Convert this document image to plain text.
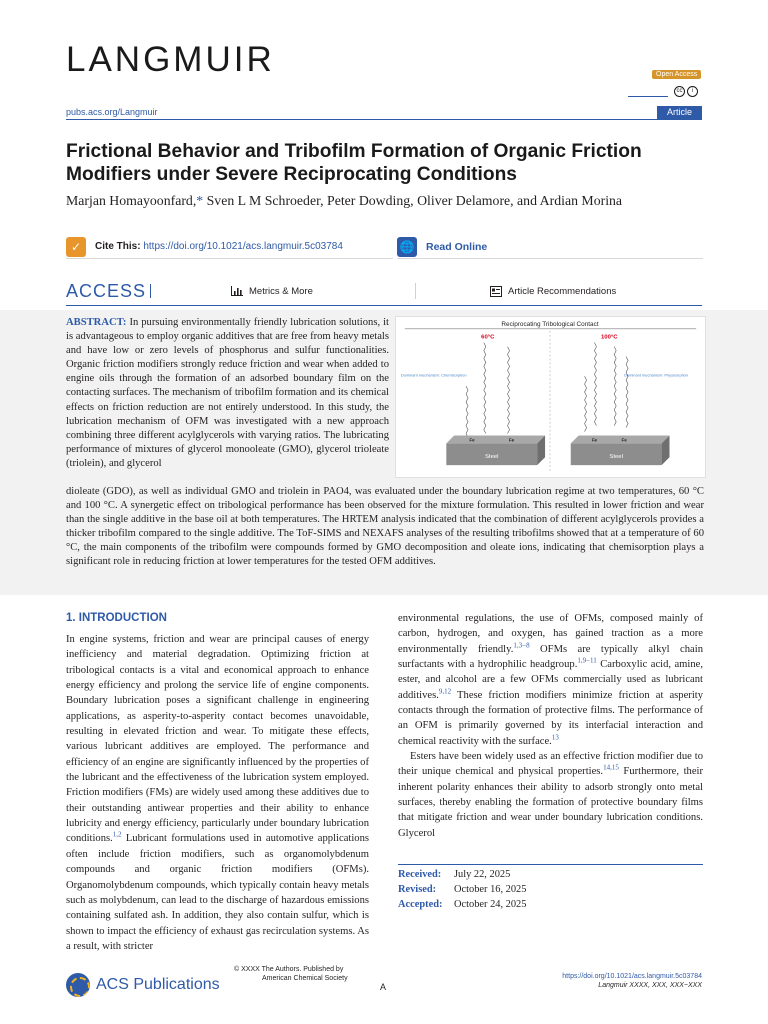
LANGMUIR	Open Access
cc	i
pubs.acs.org/Langmuir	Article
Frictional Behavior and Tribofilm Formation of Organic Friction Modifiers under Severe Reciprocating Conditions
Marjan Homayoonfard,* Sven L M Schroeder, Peter Dowding, Oliver Delamore, and Ardian Morina
✓	Cite This: https://doi.org/10.1021/acs.langmuir.5c03784	🌐 Read Online
ACCESS	Metrics & More	Article Recommendations
ABSTRACT: In pursuing environmentally friendly lubrication solutions, it is advantageous to employ organic additives that are free from heavy metals and have low or zero levels of phosphorus and sulfur functionalities. Organic friction modifiers strongly reduce friction and wear when added to engine oils through the formation of an adsorbed boundary film on the contacting surfaces. The mechanism of tribofilm formation and its chemical effects on friction reduction are not entirely understood. In this study, the lubrication mechanism of OFM was investigated with a new approach combining three different acylglycerols with varying ratios. The lubricating performance of mixtures of glycerol monooleate (GMO), glycerol trioleate (triolein), and glycerol
Reciprocating Tribological Contact
60°C	100°C
Dominant mechanism: Chemisorption	Dominant mechanism: Physisorption
Steel
Fe	Fe
Steel
Fe	Fe
dioleate (GDO), as well as individual GMO and triolein in PAO4, was evaluated under the boundary lubrication regime at two temperatures, 60 °C and 100 °C. A synergetic effect on tribological performance has been observed for the mixture formulation. This resulted in lower friction and wear than the single additive in the base oil at both temperatures. The HRTEM analysis indicated that the combination of different acylglycerols provides a thicker tribofilm compared to the single additive. The ToF-SIMS and NEXAFS analyses of the resulting tribofilms showed that at a temperature of 60 °C, the main components of the tribofilm were compounds formed by GMO decomposition and oleate ions, indicating that chemisorption plays a significant role in reducing friction at lower temperatures for the tested OFM additives.
1. INTRODUCTION

In engine systems, friction and wear are principal causes of energy inefficiency and material degradation. Optimizing friction at tribological contacts is a vital and economical approach to enhance energy efficiency and prolong the service life of engine components. Boundary lubrication poses a significant challenge in engineering applications, as asperity-to-asperity contact becomes unavoidable, resulting in elevated friction and wear. To mitigate these effects, various lubricant additives are employed. The performance and efficiency of an engine are significantly influenced by the properties of the lubricant and the effectiveness of the lubrication system employed. Friction modifiers (FMs) are widely used among these additives due to their outstanding antiwear properties and their ability to enhance lubricity and energy efficiency, particularly under boundary lubrication conditions.$^{1,2}$ Lubricant formulations used in automotive applications often include friction modifiers, such as organomolybdenum compounds and organic friction modifiers (OFMs). Organomolybdenum compounds, which typically contain heavy metals such as molybdenum, can lead to the discharge of hazardous emissions containing sulfated ash. In addition, they also contain sulfur, which is shown to impact the efficiency of exhaust gas recirculation systems. As a result, with stricter

environmental regulations, the use of OFMs, composed mainly of carbon, hydrogen, and oxygen, has gained traction as a more environmentally friendly.$^{1,3-8}$ OFMs are typically alkyl chain surfactants with a hydrophilic headgroup.$^{1,9-11}$ Carboxylic acid, amine, ester, and alcohol are a few OFMs commercially used as lubricant additives.$^{9,12}$ These friction modifiers minimize friction at asperity contacts through the formation of protective films. The performance of an OFM is primarily governed by its interfacial interaction and chemical reactivity with the surface.$^{13}$

Esters have been widely used as an effective friction modifier due to their unique chemical and physical properties.$^{14,15}$ Furthermore, their inherent polarity enhances their ability to adsorb strongly onto metal surfaces, thereby enabling the formation of protective boundary films that mitigate friction and wear under boundary lubrication conditions. Glycerol

Received: July 22, 2025
Revised: October 16, 2025
Accepted: October 24, 2025
ACS Publications
© XXXX The Authors. Published by
American Chemical Society
A
https://doi.org/10.1021/acs.langmuir.5c03784
Langmuir XXXX, XXX, XXX−XXX
